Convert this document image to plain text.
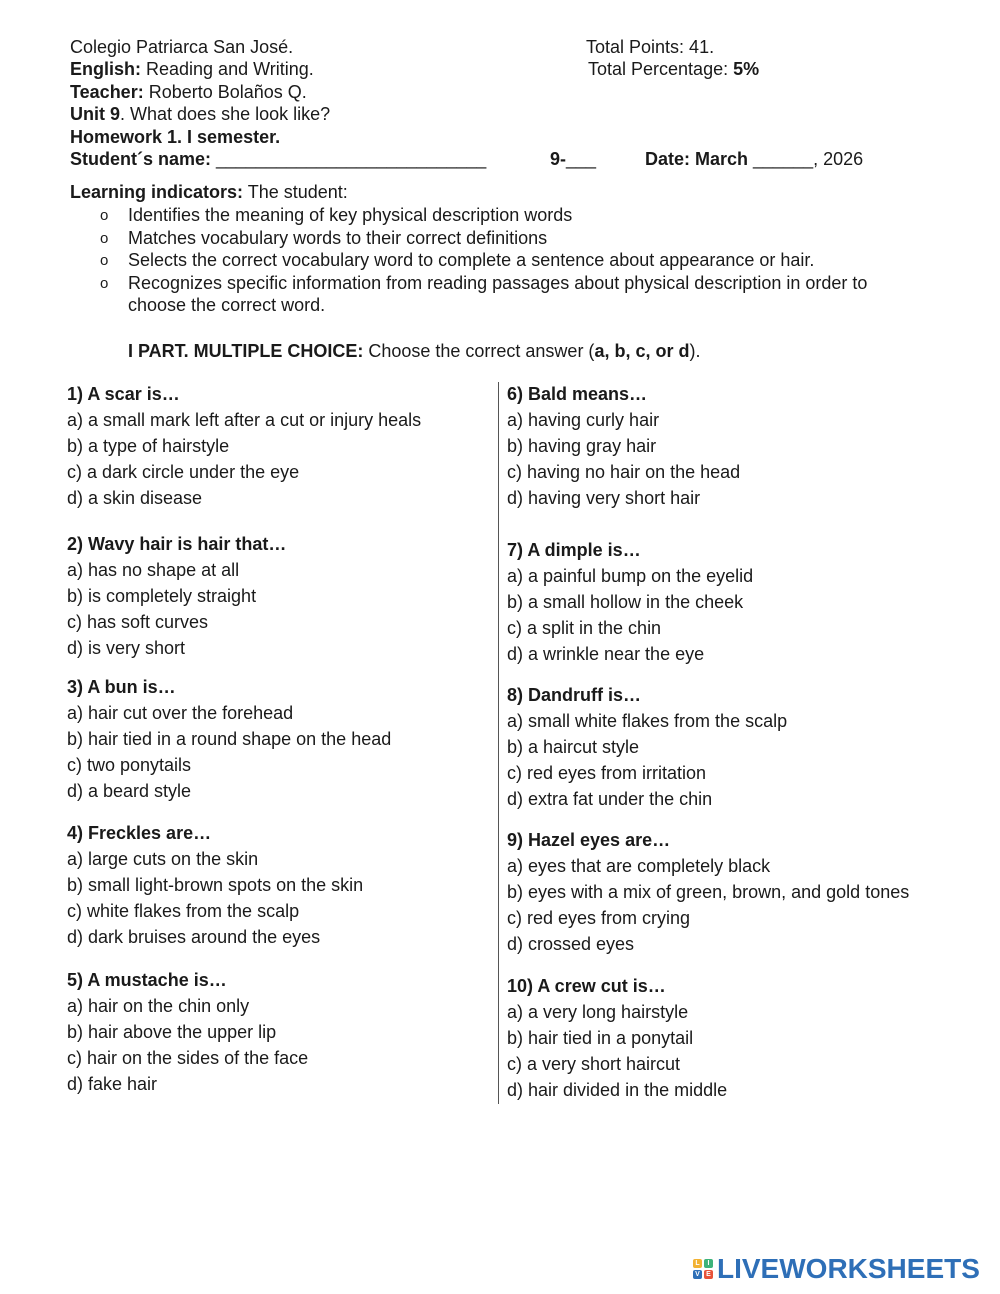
Colegio Patriarca San José.	Total Points: 41.
English: Reading and Writing.	Total Percentage: 5%
Teacher: Roberto Bolaños Q.
Unit 9. What does she look like?
Homework 1. I semester.
Student´s name: ___________________________	9-___	Date: March ______, 2026
Learning indicators: The student:
o Identifies the meaning of key physical description words
o Matches vocabulary words to their correct definitions
o Selects the correct vocabulary word to complete a sentence about appearance or hair.
o Recognizes specific information from reading passages about physical description in order to
choose the correct word.
I PART. MULTIPLE CHOICE: Choose the correct answer (a, b, c, or d).
1) A scar is…
a) a small mark left after a cut or injury heals
b) a type of hairstyle
c) a dark circle under the eye
d) a skin disease
2) Wavy hair is hair that…
a) has no shape at all
b) is completely straight
c) has soft curves
d) is very short
3) A bun is…
a) hair cut over the forehead
b) hair tied in a round shape on the head
c) two ponytails
d) a beard style
4) Freckles are…
a) large cuts on the skin
b) small light-brown spots on the skin
c) white flakes from the scalp
d) dark bruises around the eyes
5) A mustache is…
a) hair on the chin only
b) hair above the upper lip
c) hair on the sides of the face
d) fake hair
6) Bald means…
a) having curly hair
b) having gray hair
c) having no hair on the head
d) having very short hair
7) A dimple is…
a) a painful bump on the eyelid
b) a small hollow in the cheek
c) a split in the chin
d) a wrinkle near the eye
8) Dandruff is…
a) small white flakes from the scalp
b) a haircut style
c) red eyes from irritation
d) extra fat under the chin
9) Hazel eyes are…
a) eyes that are completely black
b) eyes with a mix of green, brown, and gold tones
c) red eyes from crying
d) crossed eyes
10) A crew cut is…
a) a very long hairstyle
b) hair tied in a ponytail
c) a very short haircut
d) hair divided in the middle
L	I
V E LIVEWORKSHEETS
